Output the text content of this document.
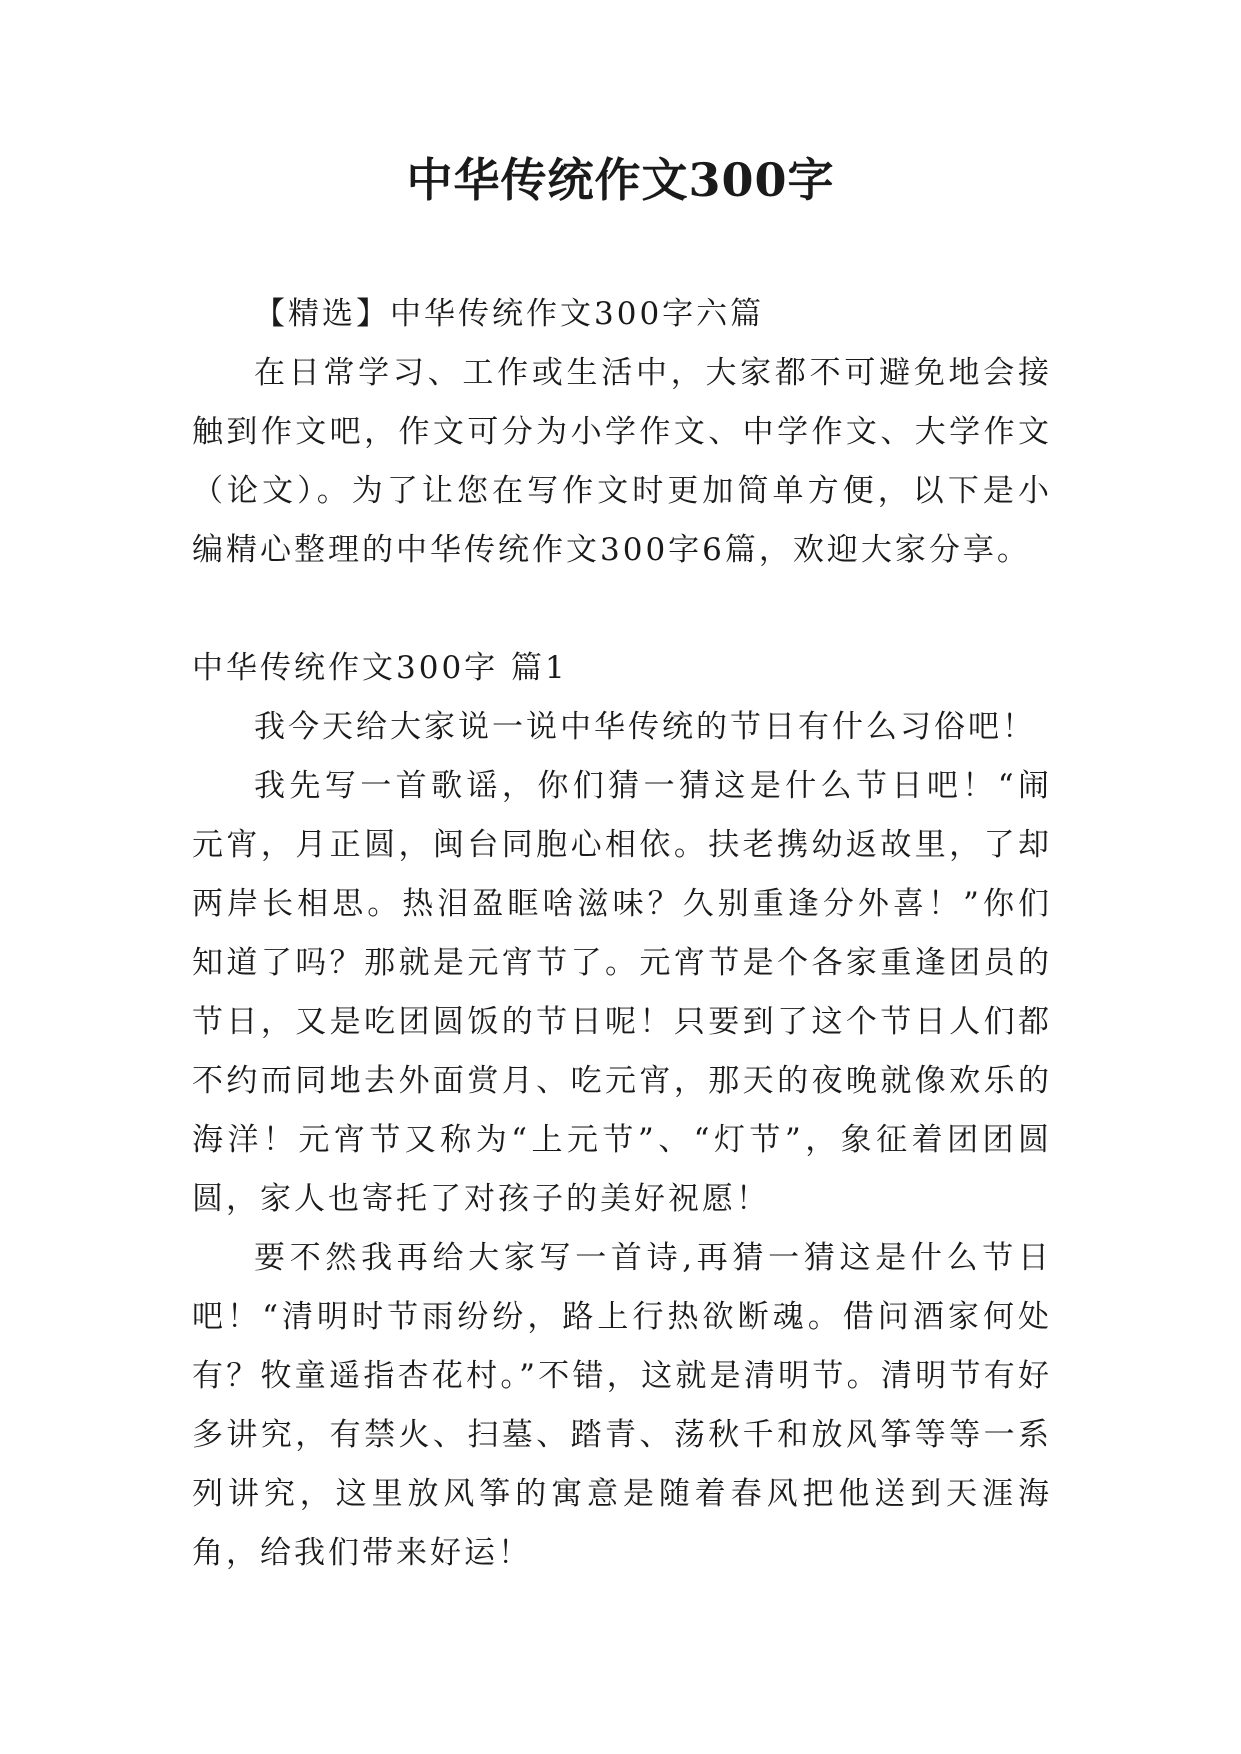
中华传统作文300字

【精选】中华传统作文300字六篇

在日常学习、工作或生活中，大家都不可避免地会接触到作文吧，作文可分为小学作文、中学作文、大学作文（论文）。为了让您在写作文时更加简单方便，以下是小编精心整理的中华传统作文300字6篇，欢迎大家分享。

中华传统作文300字 篇1

我今天给大家说一说中华传统的节日有什么习俗吧！

我先写一首歌谣，你们猜一猜这是什么节日吧！“闹元宵，月正圆，闽台同胞心相依。扶老携幼返故里，了却两岸长相思。热泪盈眶啥滋味？久别重逢分外喜！”你们知道了吗？那就是元宵节了。元宵节是个各家重逢团员的节日，又是吃团圆饭的节日呢！只要到了这个节日人们都不约而同地去外面赏月、吃元宵，那天的夜晚就像欢乐的海洋！元宵节又称为“上元节”、“灯节”，象征着团团圆圆，家人也寄托了对孩子的美好祝愿！

要不然我再给大家写一首诗,再猜一猜这是什么节日吧！“清明时节雨纷纷，路上行热欲断魂。借问酒家何处有？牧童遥指杏花村。”不错，这就是清明节。清明节有好多讲究，有禁火、扫墓、踏青、荡秋千和放风筝等等一系列讲究，这里放风筝的寓意是随着春风把他送到天涯海角，给我们带来好运！
